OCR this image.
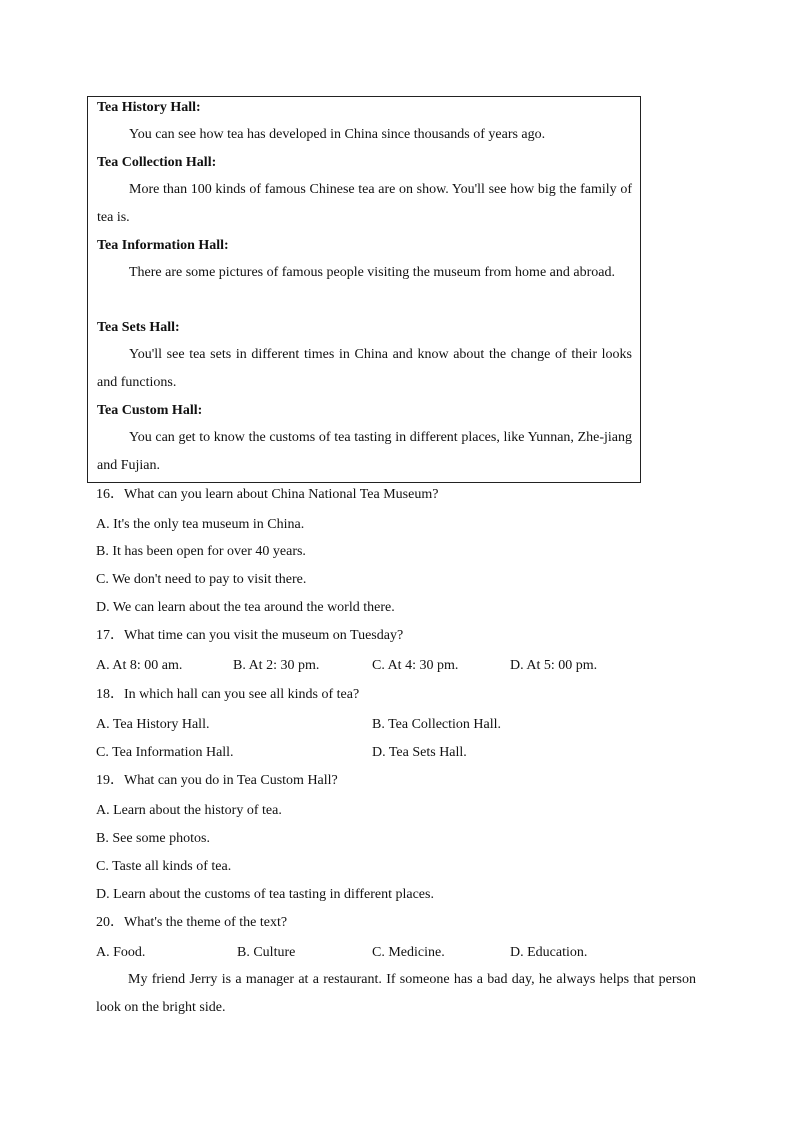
Tea History Hall:
You can see how tea has developed in China since thousands of years ago.
Tea Collection Hall:
More than 100 kinds of famous Chinese tea are on show. You'll see how big the family of tea is.
Tea Information Hall:
There are some pictures of famous people visiting the museum from home and abroad.
Tea Sets Hall:
You'll see tea sets in different times in China and know about the change of their looks and functions.
Tea Custom Hall:
You can get to know the customs of tea tasting in different places, like Yunnan, Zhe-jiang and Fujian.
16．What can you learn about China National Tea Museum?
A. It's the only tea museum in China.
B. It has been open for over 40 years.
C. We don't need to pay to visit there.
D. We can learn about the tea around the world there.
17．What time can you visit the museum on Tuesday?
A. At 8: 00 am.	B. At 2: 30 pm.	C. At 4: 30 pm.	D. At 5: 00 pm.
18．In which hall can you see all kinds of tea?
A. Tea History Hall.	B. Tea Collection Hall.
C. Tea Information Hall.	D. Tea Sets Hall.
19．What can you do in Tea Custom Hall?
A. Learn about the history of tea.
B. See some photos.
C. Taste all kinds of tea.
D. Learn about the customs of tea tasting in different places.
20．What's the theme of the text?
A. Food.	B. Culture	C. Medicine.	D. Education.
My friend Jerry is a manager at a restaurant. If someone has a bad day, he always helps that person look on the bright side.
